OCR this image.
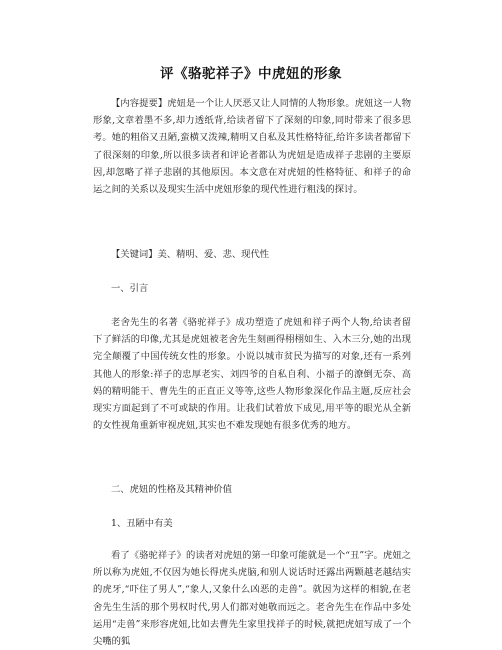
评《骆驼祥子》中虎妞的形象

【内容提要】虎妞是一个让人厌恶又让人同情的人物形象。虎妞这一人物形象,文章着墨不多,却力透纸背,给读者留下了深刻的印象,同时带来了很多思考。她的粗俗又丑陋,蛮横又泼辣,精明又自私及其性格特征,给许多读者都留下了很深刻的印象,所以很多读者和评论者都认为虎妞是造成祥子悲剧的主要原因,却忽略了祥子悲剧的其他原因。本文意在对虎妞的性格特征、和祥子的命运之间的关系以及现实生活中虎妞形象的现代性进行粗浅的探讨。

【关键词】美、精明、爱、悲、现代性
一、引言

老舍先生的名著《骆驼祥子》成功塑造了虎妞和祥子两个人物,给读者留下了鲜活的印像,尤其是虎妞被老舍先生刻画得栩栩如生、入木三分,她的出现完全颠覆了中国传统女性的形象。小说以城市贫民为描写的对象,还有一系列其他人的形象:祥子的忠厚老实、刘四爷的自私自利、小福子的潦倒无奈、高妈的精明能干、曹先生的正直正义等等,这些人物形象深化作品主题,反应社会现实方面起到了不可或缺的作用。让我们试着放下成见,用平等的眼光从全新的女性视角重新审视虎妞,其实也不难发现她有很多优秀的地方。

二、虎妞的性格及其精神价值
1、丑陋中有美

看了《骆驼祥子》的读者对虎妞的第一印象可能就是一个“丑”字。虎妞之所以称为虎妞,不仅因为她长得虎头虎脑,和别人说话时还露出两颗越老越结实的虎牙,“吓住了男人”,“象人,又象什么凶恶的走兽”。就因为这样的相貌,在老舍先生生活的那个男权时代,男人们都对她敬而远之。老舍先生在作品中多处运用“走兽”来形容虎妞,比如去曹先生家里找祥子的时候,就把虎妞写成了一个尖嘴的狐
